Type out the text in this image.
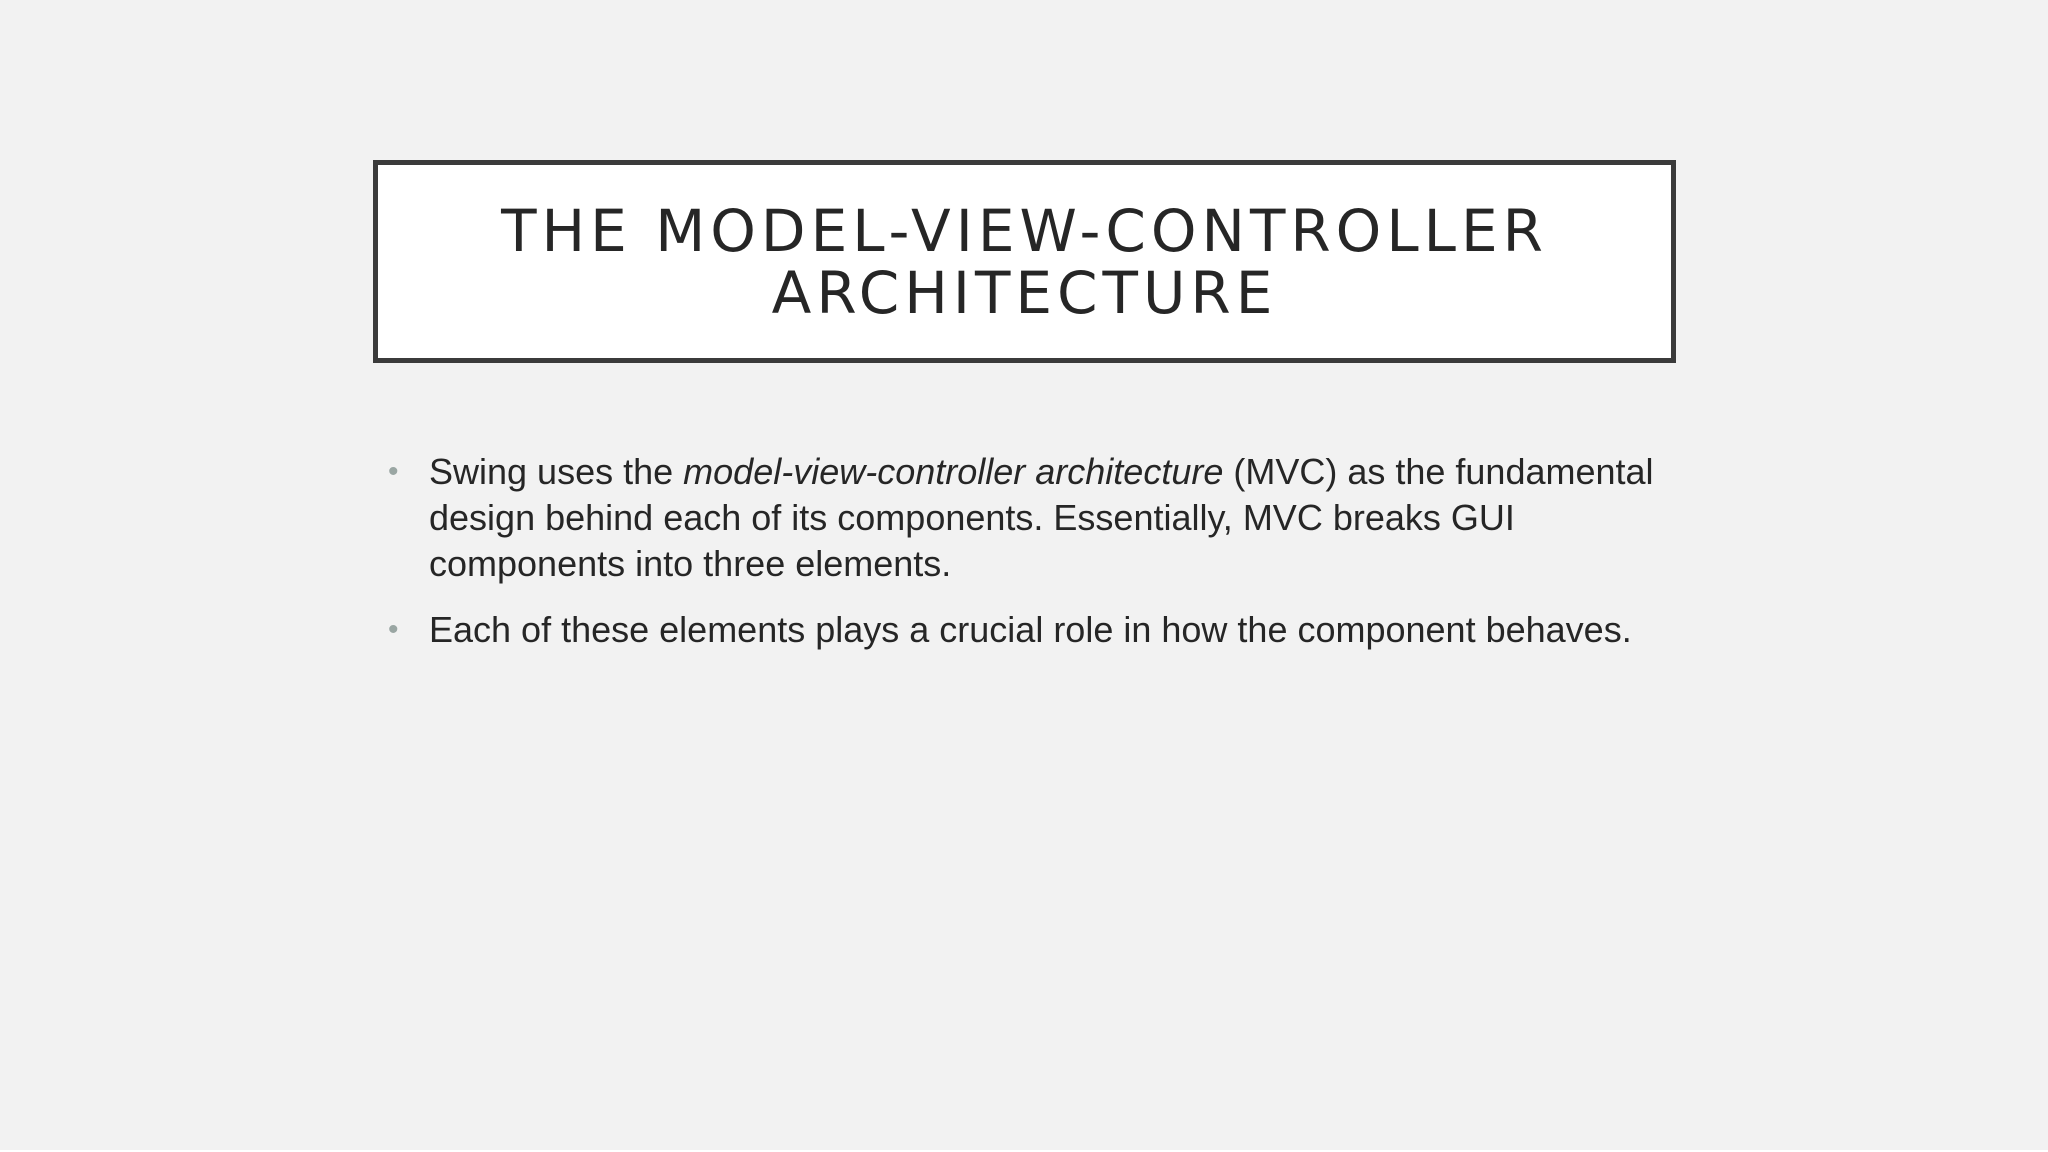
THE MODEL-VIEW-CONTROLLER
ARCHITECTURE

• Swing uses the model-view-controller architecture (MVC) as the fundamental design behind each of its components. Essentially, MVC breaks GUI components into three elements.

• Each of these elements plays a crucial role in how the component behaves.
